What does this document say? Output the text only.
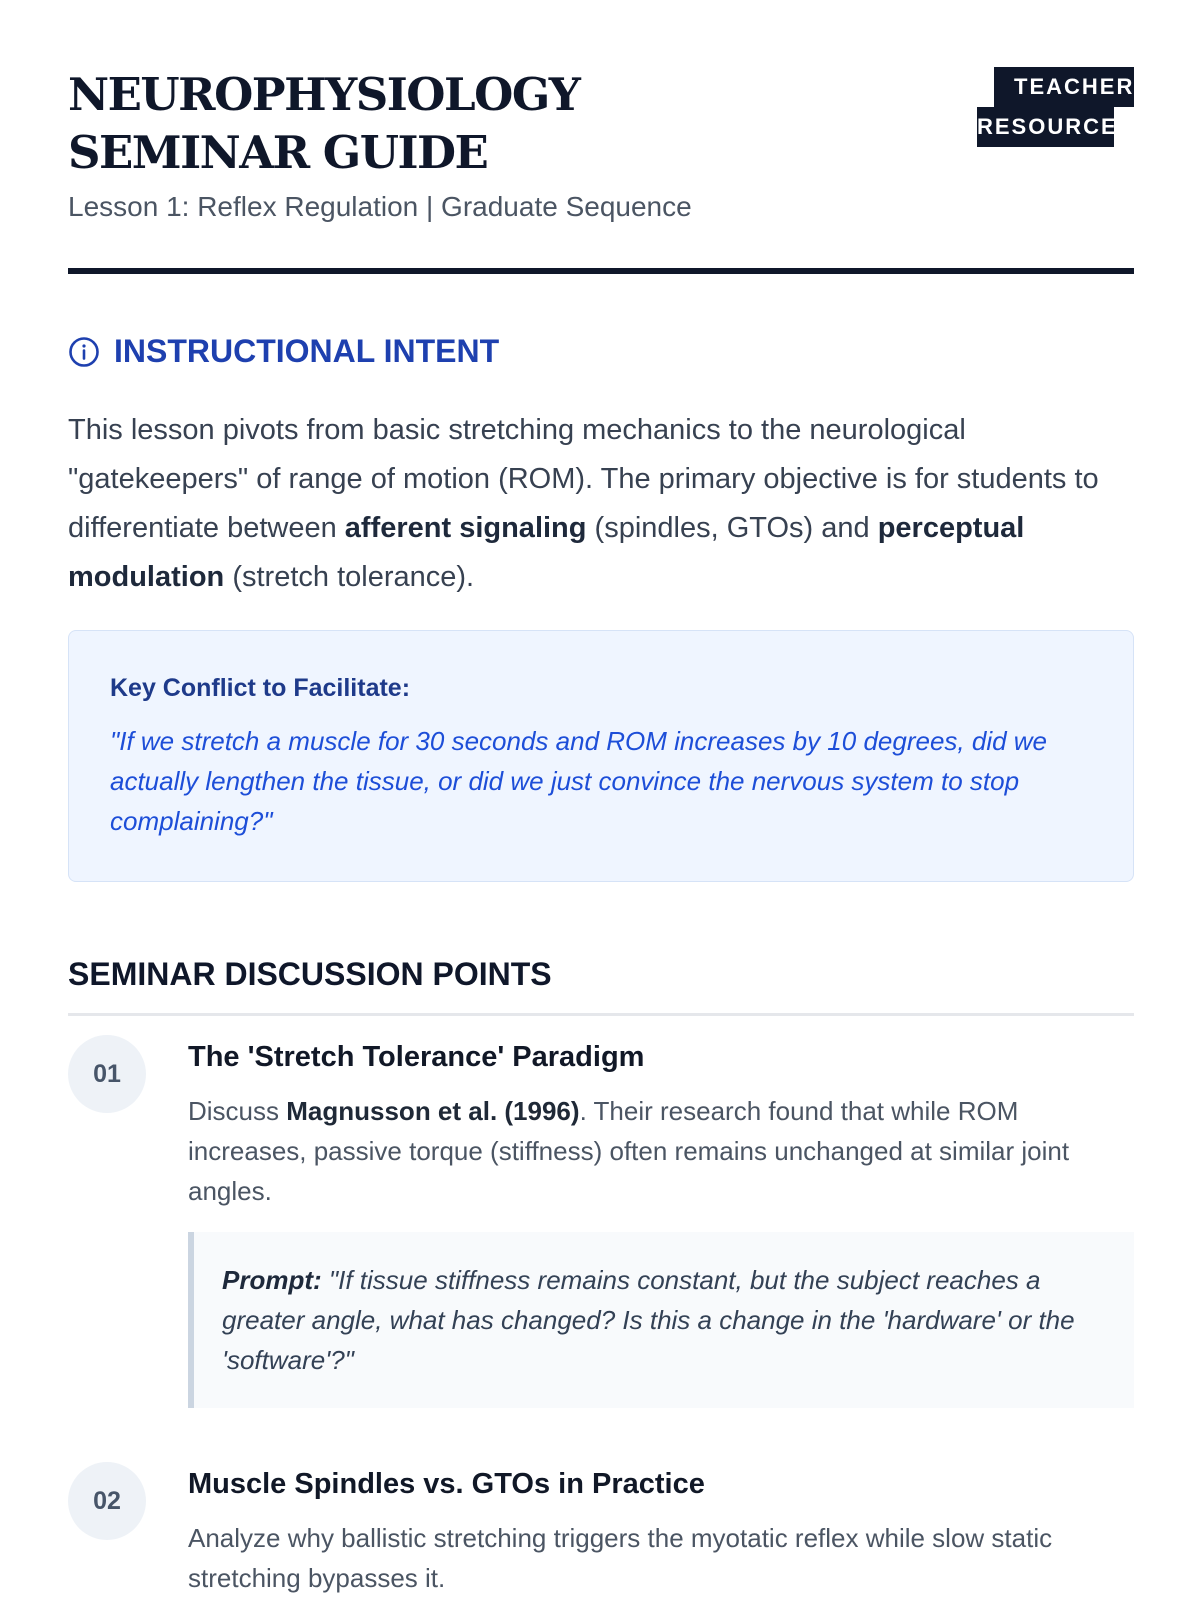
NEUROPHYSIOLOGY SEMINAR GUIDE
Lesson 1: Reflex Regulation | Graduate Sequence
TEACHER
RESOURCE
INSTRUCTIONAL INTENT

This lesson pivots from basic stretching mechanics to the neurological "gatekeepers" of range of motion (ROM). The primary objective is for students to differentiate between afferent signaling (spindles, GTOs) and perceptual modulation (stretch tolerance).

Key Conflict to Facilitate:
"If we stretch a muscle for 30 seconds and ROM increases by 10 degrees, did we actually lengthen the tissue, or did we just convince the nervous system to stop complaining?"
SEMINAR DISCUSSION POINTS
01
The 'Stretch Tolerance' Paradigm

Discuss Magnusson et al. (1996). Their research found that while ROM increases, passive torque (stiffness) often remains unchanged at similar joint angles.

Prompt: "If tissue stiffness remains constant, but the subject reaches a greater angle, what has changed? Is this a change in the 'hardware' or the 'software'?"
02
Muscle Spindles vs. GTOs in Practice

Analyze why ballistic stretching triggers the myotatic reflex while slow static stretching bypasses it.
